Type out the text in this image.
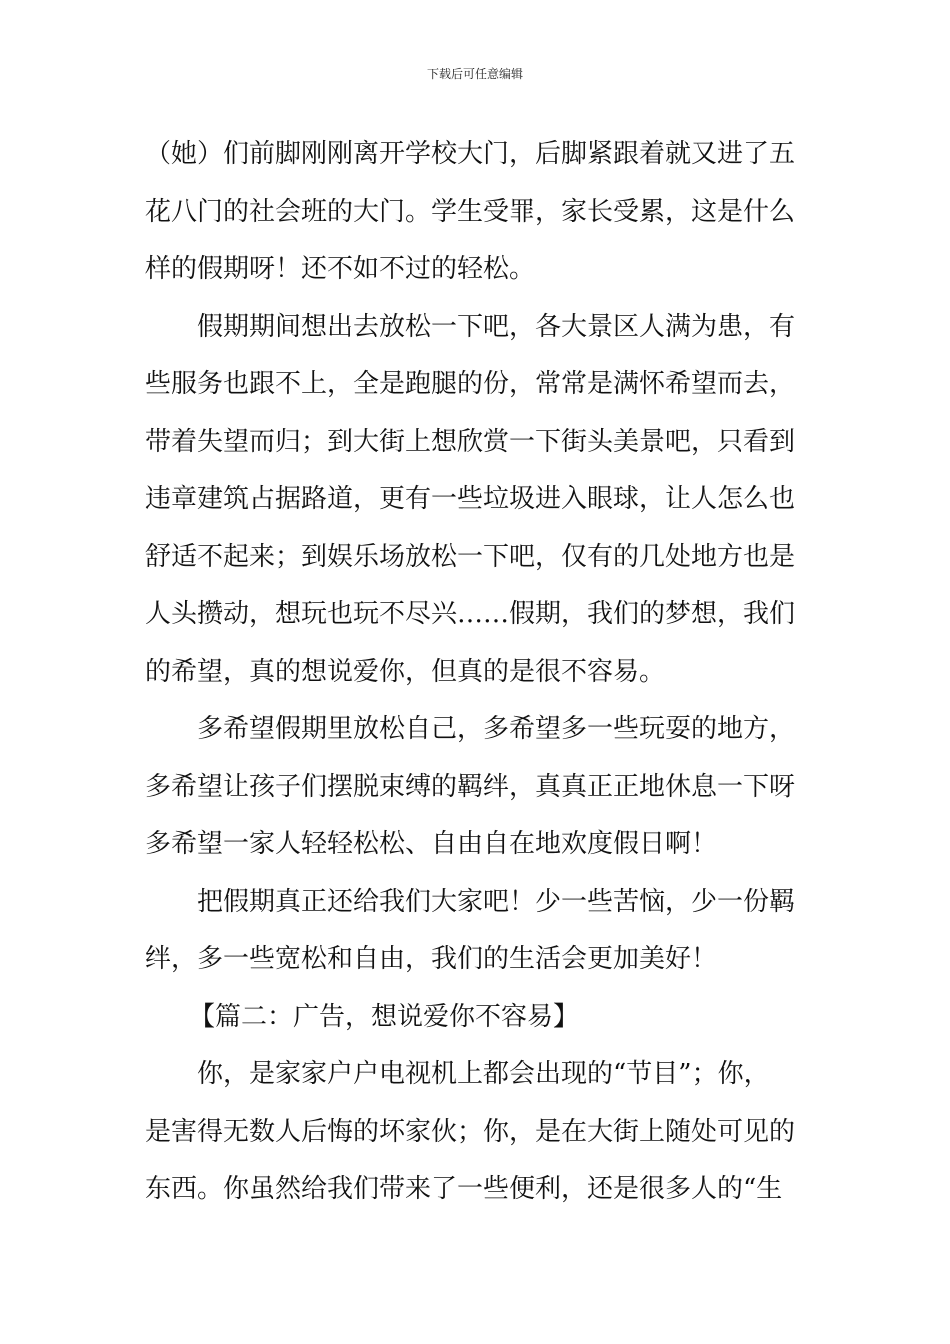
下载后可任意编辑

（她）们前脚刚刚离开学校大门，后脚紧跟着就又进了五
花八门的社会班的大门。学生受罪，家长受累，这是什么
样的假期呀！还不如不过的轻松。

假期期间想出去放松一下吧，各大景区人满为患，有
些服务也跟不上，全是跑腿的份，常常是满怀希望而去，
带着失望而归；到大街上想欣赏一下街头美景吧，只看到
违章建筑占据路道，更有一些垃圾进入眼球，让人怎么也
舒适不起来；到娱乐场放松一下吧，仅有的几处地方也是
人头攒动，想玩也玩不尽兴……假期，我们的梦想，我们
的希望，真的想说爱你，但真的是很不容易。

多希望假期里放松自己，多希望多一些玩耍的地方，
多希望让孩子们摆脱束缚的羁绊，真真正正地休息一下呀
多希望一家人轻轻松松、自由自在地欢度假日啊！

把假期真正还给我们大家吧！少一些苦恼，少一份羁
绊，多一些宽松和自由，我们的生活会更加美好！

【篇二：广告，想说爱你不容易】

你，是家家户户电视机上都会出现的“节目”；你，
是害得无数人后悔的坏家伙；你，是在大街上随处可见的
东西。你虽然给我们带来了一些便利，还是很多人的“生
